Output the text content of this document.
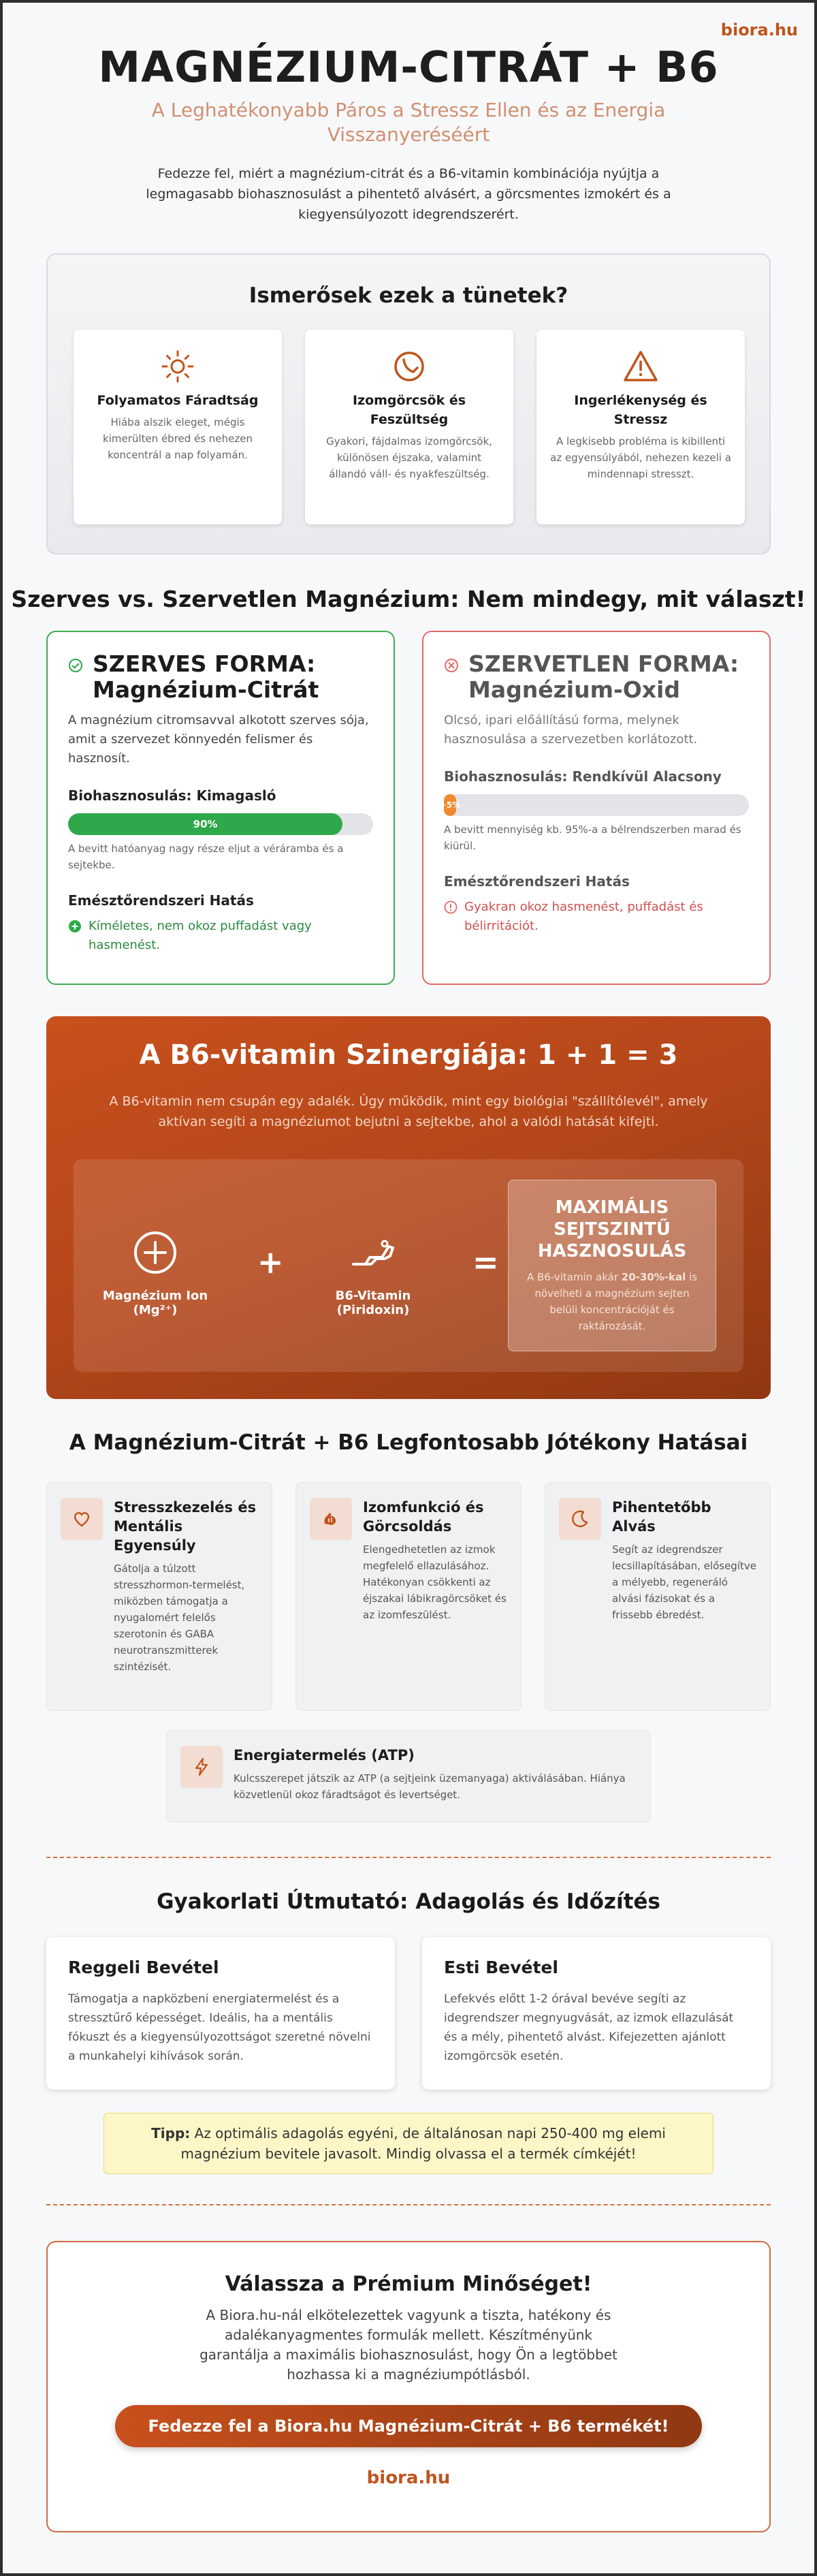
biora.hu
MAGNÉZIUM-CITRÁT + B6
A Leghatékonyabb Páros a Stressz Ellen és az Energia Visszanyeréséért
Fedezze fel, miért a magnézium-citrát és a B6-vitamin kombinációja nyújtja a legmagasabb biohasznosulást a pihentető alvásért, a görcsmentes izmokért és a kiegyensúlyozott idegrendszerért.
Ismerősek ezek a tünetek?
Folyamatos Fáradtság

Hiába alszik eleget, mégis kimerülten ébred és nehezen koncentrál a nap folyamán.

Izomgörcsök és Feszültség

Gyakori, fájdalmas izomgörcsök, különösen éjszaka, valamint állandó váll- és nyakfeszültség.

Ingerlékenység és Stressz

A legkisebb probléma is kibillenti az egyensúlyából, nehezen kezeli a mindennapi stresszt.

Szerves vs. Szervetlen Magnézium: Nem mindegy, mit választ!
SZERVES FORMA: Magnézium-Citrát

A magnézium citromsavval alkotott szerves sója, amit a szervezet könnyedén felismer és hasznosít.

Biohasznosulás: Kimagasló
90%

A bevitt hatóanyag nagy része eljut a véráramba és a sejtekbe.

Emésztőrendszeri Hatás
Kíméletes, nem okoz puffadást vagy hasmenést.
SZERVETLEN FORMA: Magnézium-Oxid

Olcsó, ipari előállítású forma, melynek hasznosulása a szervezetben korlátozott.

Biohasznosulás: Rendkívül Alacsony
~5%

A bevitt mennyiség kb. 95%-a a bélrendszerben marad és kiürül.

Emésztőrendszeri Hatás
Gyakran okoz hasmenést, puffadást és bélirritációt.
A B6-vitamin Szinergiája: 1 + 1 = 3

A B6-vitamin nem csupán egy adalék. Úgy működik, mint egy biológiai "szállítólevél", amely aktívan segíti a magnéziumot bejutni a sejtekbe, ahol a valódi hatását kifejti.

Magnézium Ion (Mg²⁺)
+
B6-Vitamin (Piridoxin)
=
MAXIMÁLIS SEJTSZINTŰ HASZNOSULÁS

A B6-vitamin akár 20-30%-kal is növelheti a magnézium sejten belüli koncentrációját és raktározását.

A Magnézium-Citrát + B6 Legfontosabb Jótékony Hatásai
Stresszkezelés és Mentális Egyensúly

Gátolja a túlzott stresszhormon-termelést, miközben támogatja a nyugalomért felelős szerotonin és GABA neurotranszmitterek szintézisét.

Izomfunkció és Görcsoldás

Elengedhetetlen az izmok megfelelő ellazulásához. Hatékonyan csökkenti az éjszakai lábikragörcsöket és az izomfeszülést.

Pihentetőbb Alvás

Segít az idegrendszer lecsillapításában, elősegítve a mélyebb, regeneráló alvási fázisokat és a frissebb ébredést.

Energiatermelés (ATP)

Kulcsszerepet játszik az ATP (a sejtjeink üzemanyaga) aktiválásában. Hiánya közvetlenül okoz fáradtságot és levertséget.

Gyakorlati Útmutató: Adagolás és Időzítés
Reggeli Bevétel

Támogatja a napközbeni energiatermelést és a stressztűrő képességet. Ideális, ha a mentális fókuszt és a kiegyensúlyozottságot szeretné növelni a munkahelyi kihívások során.

Esti Bevétel

Lefekvés előtt 1-2 órával bevéve segíti az idegrendszer megnyugvását, az izmok ellazulását és a mély, pihentető alvást. Kifejezetten ajánlott izomgörcsök esetén.

Tipp: Az optimális adagolás egyéni, de általánosan napi 250-400 mg elemi magnézium bevitele javasolt. Mindig olvassa el a termék címkéjét!
Válassza a Prémium Minőséget!

A Biora.hu-nál elkötelezettek vagyunk a tiszta, hatékony és adalékanyagmentes formulák mellett. Készítményünk garantálja a maximális biohasznosulást, hogy Ön a legtöbbet hozhassa ki a magnéziumpótlásból.

Fedezze fel a Biora.hu Magnézium-Citrát + B6 termékét!
biora.hu
